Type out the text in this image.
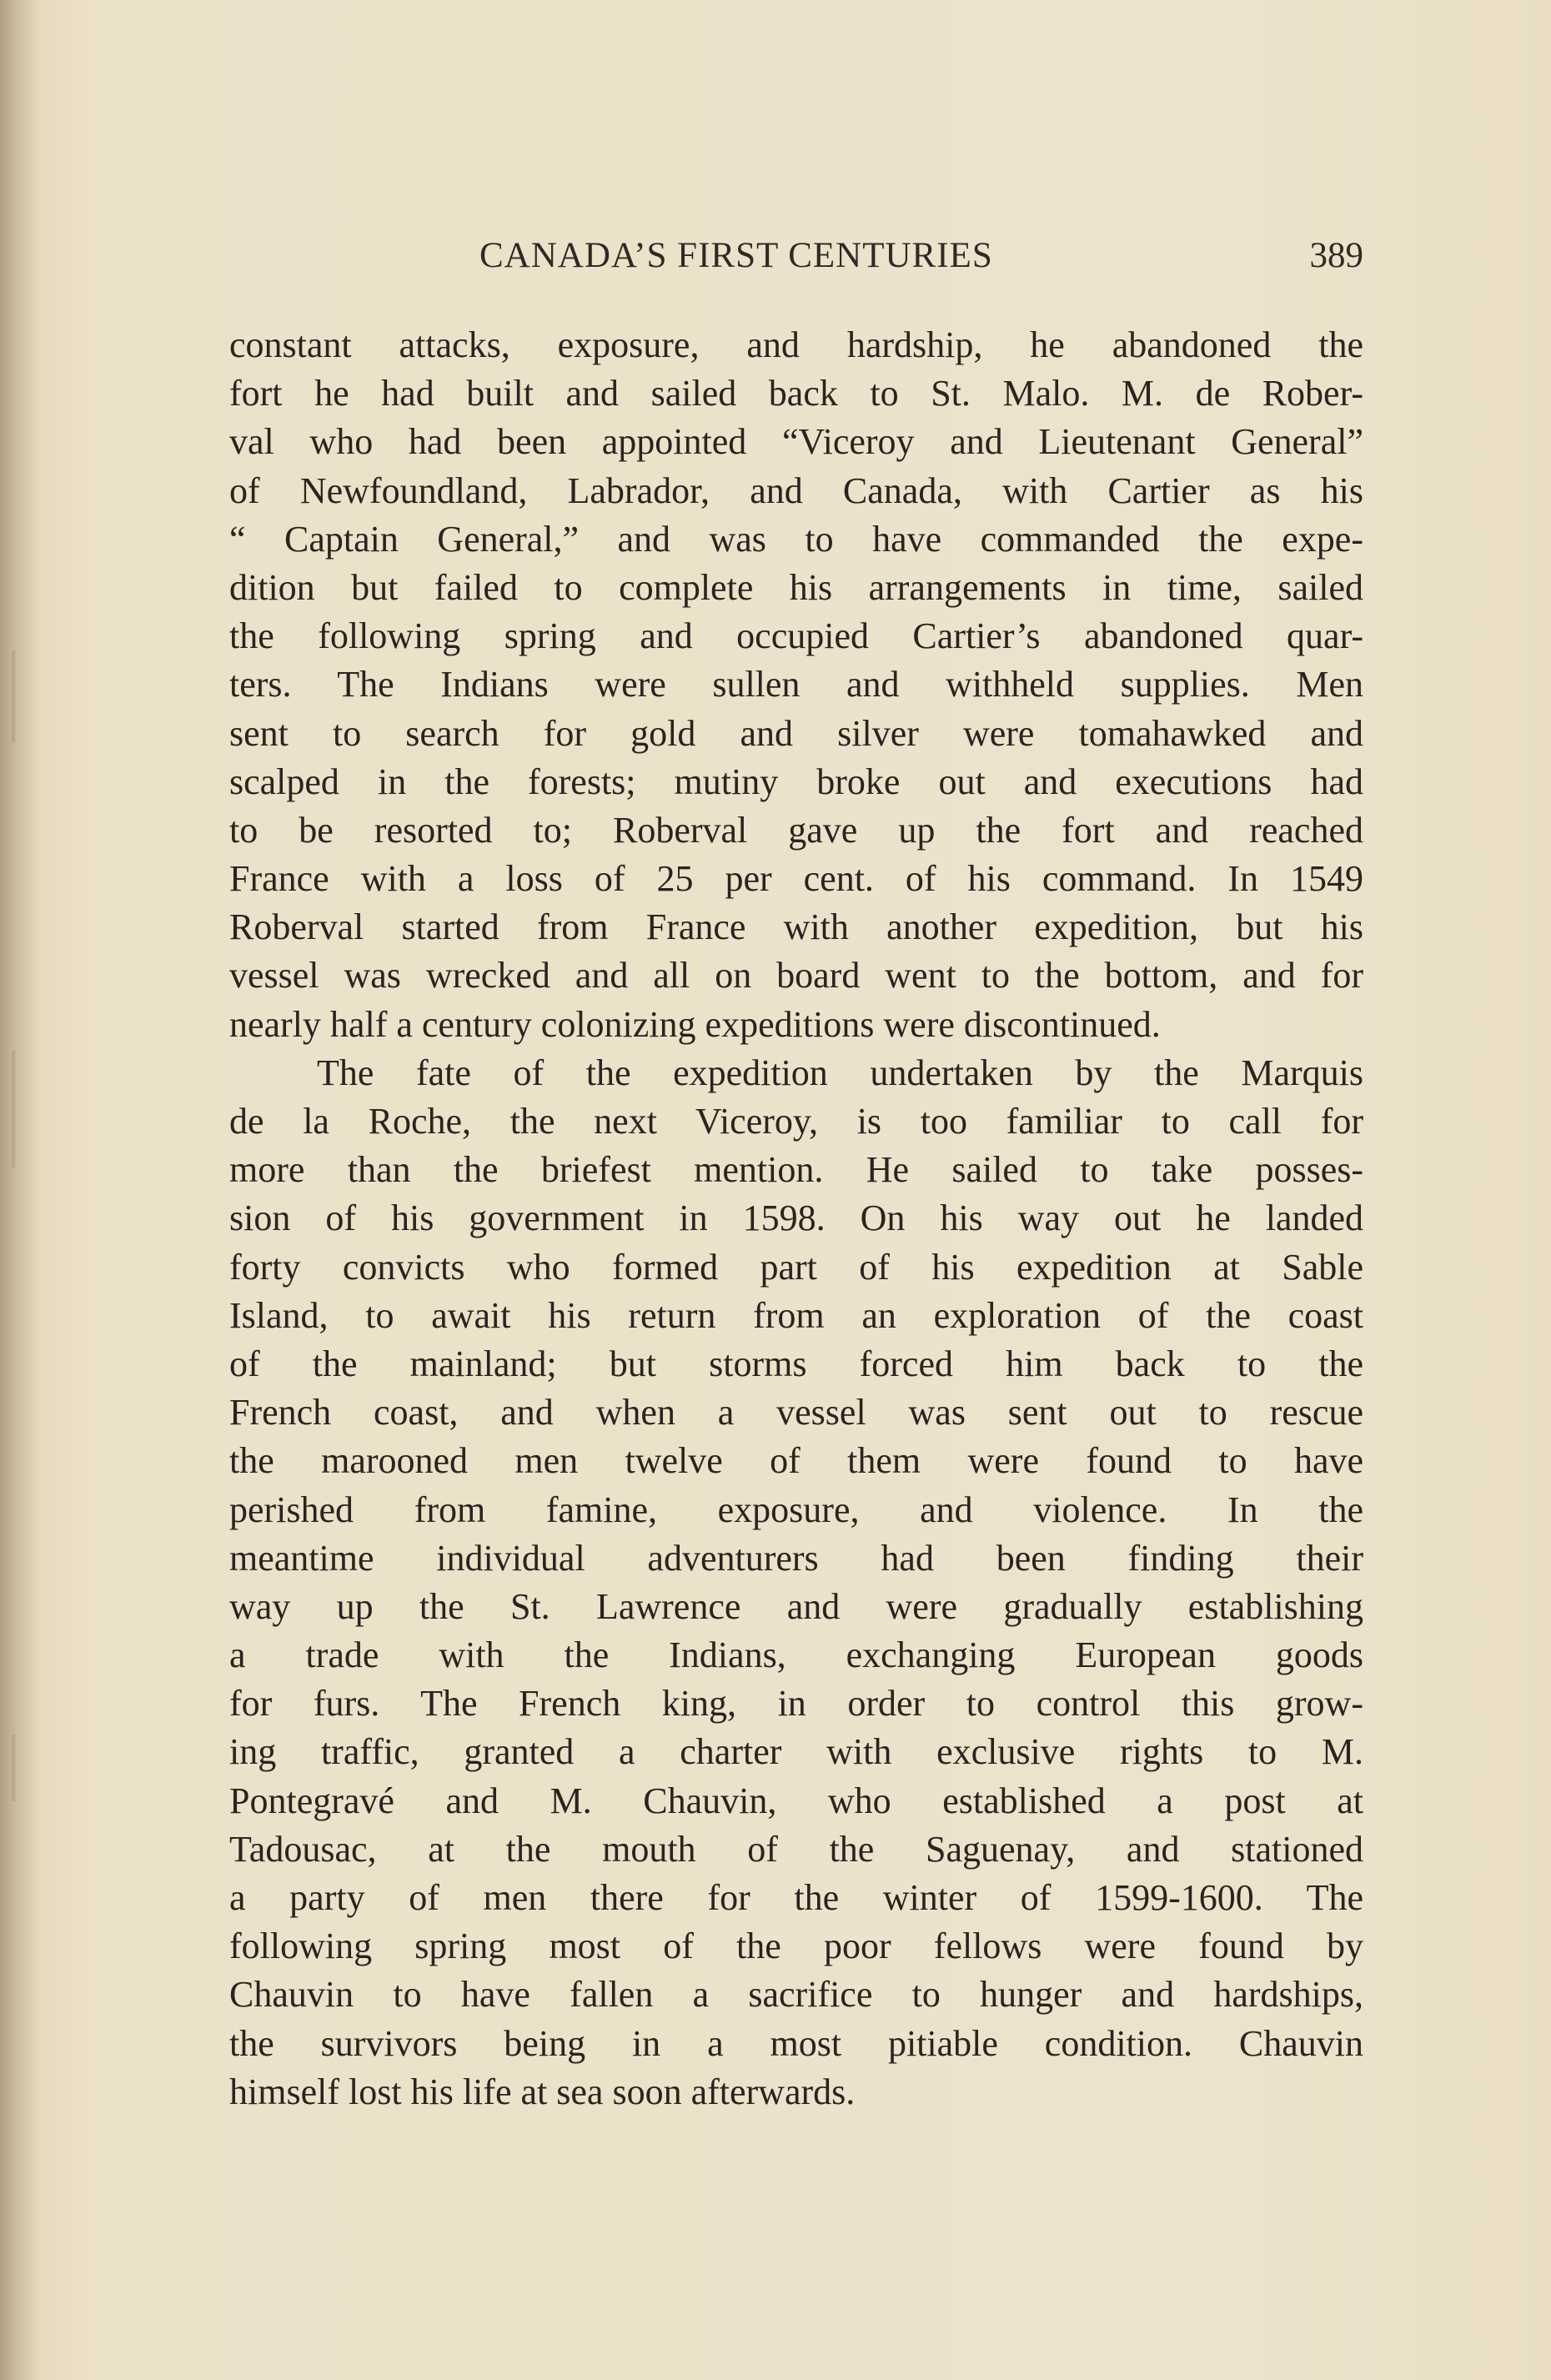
CANADA’S FIRST CENTURIES	389
constant attacks, exposure, and hardship, he abandoned the
fort he had built and sailed back to St. Malo. M. de Rober-
val who had been appointed “Viceroy and Lieutenant General”
of Newfoundland, Labrador, and Canada, with Cartier as his
“ Captain General,” and was to have commanded the expe-
dition but failed to complete his arrangements in time, sailed
the following spring and occupied Cartier’s abandoned quar-
ters. The Indians were sullen and withheld supplies. Men
sent to search for gold and silver were tomahawked and
scalped in the forests; mutiny broke out and executions had
to be resorted to; Roberval gave up the fort and reached
France with a loss of 25 per cent. of his command. In 1549
Roberval started from France with another expedition, but his
vessel was wrecked and all on board went to the bottom, and for
nearly half a century colonizing expeditions were discontinued.
The fate of the expedition undertaken by the Marquis
de la Roche, the next Viceroy, is too familiar to call for
more than the briefest mention. He sailed to take posses-
sion of his government in 1598. On his way out he landed
forty convicts who formed part of his expedition at Sable
Island, to await his return from an exploration of the coast
of the mainland; but storms forced him back to the
French coast, and when a vessel was sent out to rescue
the marooned men twelve of them were found to have
perished from famine, exposure, and violence. In the
meantime individual adventurers had been finding their
way up the St. Lawrence and were gradually establishing
a trade with the Indians, exchanging European goods
for furs. The French king, in order to control this grow-
ing traffic, granted a charter with exclusive rights to M.
Pontegravé and M. Chauvin, who established a post at
Tadousac, at the mouth of the Saguenay, and stationed
a party of men there for the winter of 1599-1600. The
following spring most of the poor fellows were found by
Chauvin to have fallen a sacrifice to hunger and hardships,
the survivors being in a most pitiable condition. Chauvin
himself lost his life at sea soon afterwards.
